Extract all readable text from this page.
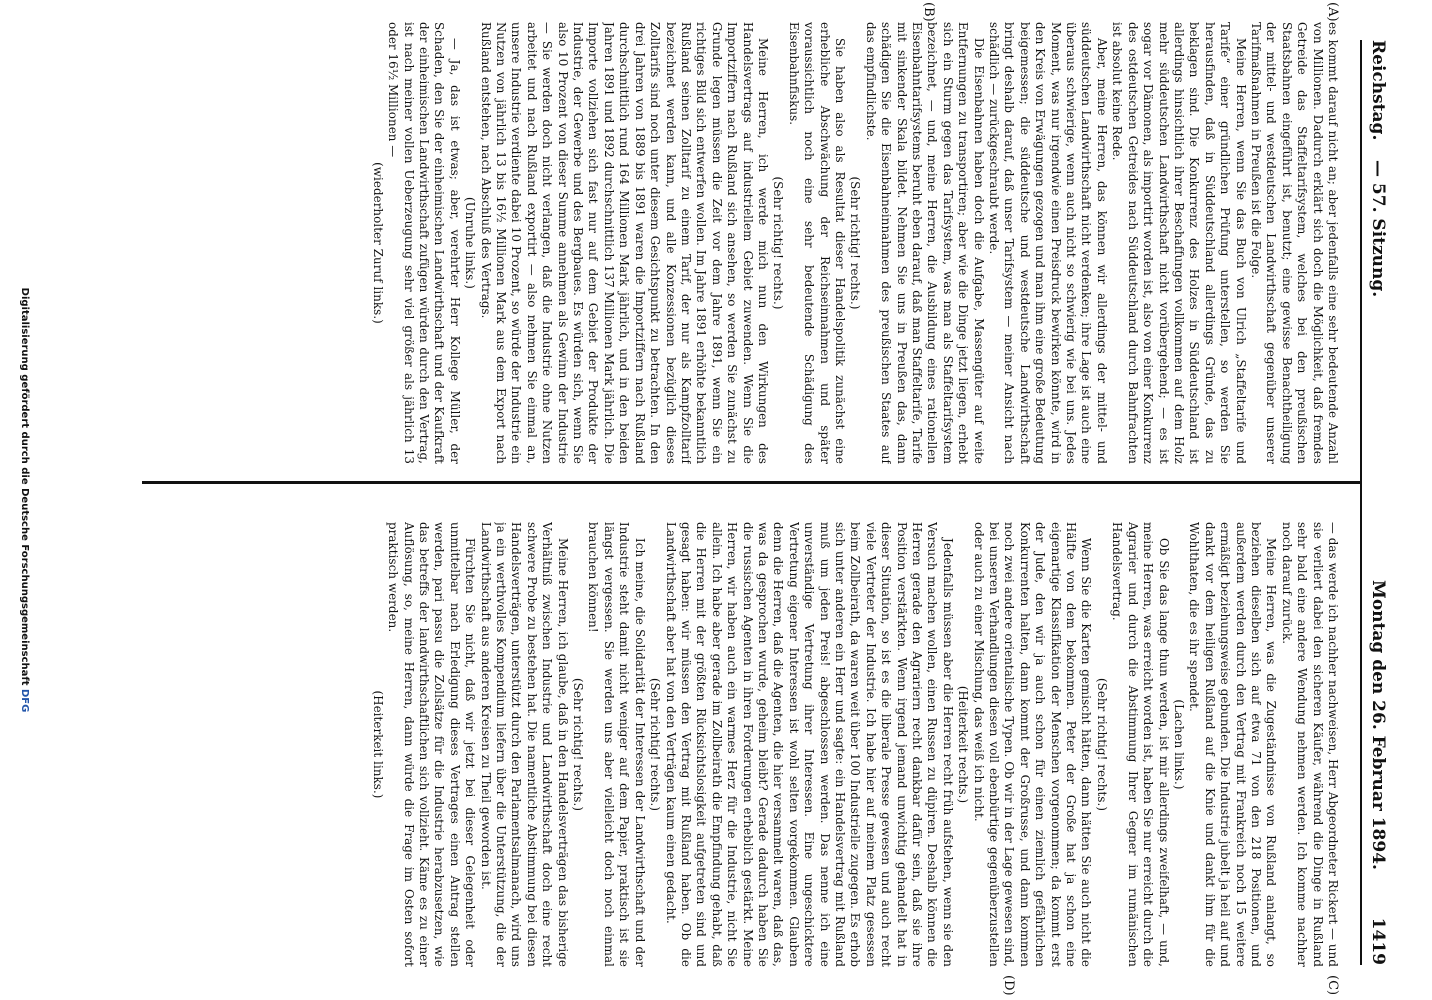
Reichstag.
— 57. Sitzung.
Montag den 26. Februar 1894.
1419
(A)
(B)
(C)
(D)

es kommt darauf nicht an; aber jedenfalls eine sehr bedeutende Anzahl von Millionen. Dadurch erklärt sich doch die Möglichkeit, daß fremdes Getreide das Staffeltarifsystem, welches bei den preußischen Staatsbahnen eingeführt ist, benutzt; eine gewisse Benachtheiligung der mittel- und westdeutschen Landwirthschaft gegenüber unserer Tarifmaßnahmen in Preußen ist die Folge.

Meine Herren, wenn Sie das Buch von Ulrich „Staffeltarife und Tarife“ einer gründlichen Prüfung unterstellen, so werden Sie herausfinden, daß in Süddeutschland allerdings Gründe, das zu beklagen sind. Die Konkurrenz des Holzes in Süddeutschland ist allerdings hinsichtlich ihrer Beschaffungen vollkommen auf dem Holz mehr süddeutschen Landwirthschaft nicht vorübergehend; — es ist sogar vor Dämonen, als importirt worden ist, also von einer Konkurrenz des ostdeutschen Getreides nach Süddeutschland durch Bahnfrachten ist absolut keine Rede.

Aber, meine Herren, das können wir allerdings der mittel- und süddeutschen Landwirthschaft nicht verdenken; ihre Lage ist auch eine überaus schwierige, wenn auch nicht so schwierig wie bei uns. Jedes Moment, was nur irgendwie einen Preisdruck bewirken könnte, wird in den Kreis von Erwägungen gezogen und man ihm eine große Bedeutung beigemessen; die süddeutsche und westdeutsche Landwirthschaft bringt deshalb darauf, daß unser Tarifsystem — meiner Ansicht nach schädlich — zurückgeschraubt werde.

Die Eisenbahnen haben doch die Aufgabe, Massengüter auf weite Entfernungen zu transportiren; aber wie die Dinge jetzt liegen, erhebt sich ein Sturm gegen das Tarifsystem, was man als Staffeltarifsystem bezeichnet, — und, meine Herren, die Ausbildung eines rationellen Eisenbahntarifsystems beruht eben darauf, daß man Staffeltarife, Tarife mit sinkender Skala bildet. Nehmen Sie uns in Preußen das, dann schädigen Sie die Eisenbahneinnahmen des preußischen Staates auf das empfindlichste.

(Sehr richtig! rechts.)

Sie haben also als Resultat dieser Handelspolitik zunächst eine erhebliche Abschwächung der Reichseinnahmen und später voraussichtlich noch eine sehr bedeutende Schädigung des Eisenbahnfiskus.

(Sehr richtig! rechts.)

Meine Herren, ich werde mich nun den Wirkungen des Handelsvertrags auf industriellem Gebiet zuwenden. Wenn Sie die Importziffern nach Rußland sich ansehen, so werden Sie zunächst zu Grunde legen müssen die Zeit vor dem Jahre 1891, wenn Sie ein richtiges Bild sich entwerfen wollen. Im Jahre 1891 erhöhte bekanntlich Rußland seinen Zolltarif zu einem Tarif, der nur als Kampfzolltarif bezeichnet werden kann, und alle Konzessionen bezüglich dieses Zolltarifs sind noch unter diesem Gesichtspunkt zu betrachten. In den drei Jahren von 1889 bis 1891 waren die Importziffern nach Rußland durchschnittlich rund 164 Millionen Mark jährlich, und in den beiden Jahren 1891 und 1892 durchschnittlich 137 Millionen Mark jährlich. Die Importe vollziehen sich fast nur auf dem Gebiet der Produkte der Industrie, der Gewerbe und des Bergbaues. Es würden sich, wenn Sie also 10 Prozent von dieser Summe annehmen als Gewinn der Industrie — Sie werden doch nicht verlangen, daß die Industrie ohne Nutzen arbeitet und nach Rußland exportirt — also nehmen Sie einmal an, unsere Industrie verdiente dabei 10 Prozent, so würde der Industrie ein Nutzen von jährlich 13 bis 16½ Millionen Mark aus dem Export nach Rußland entstehen, nach Abschluß des Vertrags.

(Unruhe links.)

— Ja, das ist etwas; aber, verehrter Herr Kollege Müller, der Schaden, den Sie der einheimischen Landwirthschaft und der Kaufkraft der einheimischen Landwirthschaft zufügen würden durch den Vertrag, ist nach meiner vollen Ueberzeugung sehr viel größer als jährlich 13 oder 16½ Millionen —

(wiederholter Zuruf links.)

— das werde ich nachher nachweisen, Herr Abgeordneter Rickert — und sie verliert dabei den sicheren Käufer, während die Dinge in Rußland sehr bald eine andere Wendung nehmen werden. Ich komme nachher noch darauf zurück.

Meine Herren, was die Zugeständnisse von Rußland anlangt, so beziehen dieselben sich auf etwa 71 von den 218 Positionen, und außerdem werden durch den Vertrag mit Frankreich noch 15 weitere ermäßigt beziehungsweise gebunden. Die Industrie jubelt ja heil auf und dankt vor dem heiligen Rußland auf die Knie und dankt ihm für die Wohlthaten, die es ihr spendet.

(Lachen links.)

Ob Sie das lange thun werden, ist mir allerdings zweifelhaft, — und, meine Herren, was erreicht worden ist, haben Sie nur erreicht durch die Agrarier und durch die Abstimmung Ihrer Gegner im rumänischen Handelsvertrag.

(Sehr richtig! rechts.)

Wenn Sie die Karten gemischt hätten, dann hätten Sie auch nicht die Hälfte von dem bekommen. Peter der Große hat ja schon eine eigenartige Klassifikation der Menschen vorgenommen; da kommt erst der Jude, den wir ja auch schon für einen ziemlich gefährlichen Konkurrenten halten, dann kommt der Großrusse, und dann kommen noch zwei andere orientalische Typen. Ob wir in der Lage gewesen sind, bei unseren Verhandlungen diesen voll ebenbürtige gegenüberzustellen oder auch zu einer Mischung, das weiß ich nicht.

(Heiterkeit rechts.)

Jedenfalls müssen aber die Herren recht früh aufstehen, wenn sie den Versuch machen wollen, einen Russen zu düpiren. Deshalb können die Herren gerade den Agrariern recht dankbar dafür sein, daß sie ihre Position verstärkten. Wenn irgend jemand unwichtig gehandelt hat in dieser Situation, so ist es die liberale Presse gewesen und auch recht viele Vertreter der Industrie. Ich habe hier auf meinem Platz gesessen beim Zollbeirath, da waren weit über 100 Industrielle zugegen. Es erhob sich unter anderen ein Herr und sagte: ein Handelsvertrag mit Rußland muß um jeden Preis! abgeschlossen werden. Das nenne ich eine unverständige Vertretung ihrer Interessen. Eine ungeschicktere Vertretung eigener Interessen ist wohl selten vorgekommen. Glauben denn die Herren, daß die Agenten, die hier versammelt waren, daß das, was da gesprochen wurde, geheim bleibt? Gerade dadurch haben Sie die russischen Agenten in ihren Forderungen erheblich gestärkt. Meine Herren, wir haben auch ein warmes Herz für die Industrie, nicht Sie allein. Ich habe aber gerade im Zollbeirath die Empfindung gehabt, daß die Herren mit der größten Rücksichtslosigkeit aufgetreten sind und gesagt haben: wir müssen den Vertrag mit Rußland haben. Ob die Landwirthschaft aber hat von den Verträgen kaum einen gedacht.

(Sehr richtig! rechts.)

Ich meine, die Solidarität der Interessen der Landwirthschaft und der Industrie steht damit nicht weniger auf dem Papier, praktisch ist sie längst vergessen. Sie werden uns aber vielleicht doch noch einmal brauchen können!

(Sehr richtig! rechts.)

Meine Herren, ich glaube, daß in den Handelsverträgen das bisherige Verhältniß zwischen Industrie und Landwirthschaft doch eine recht schwere Probe zu bestehen hat. Die namentliche Abstimmung bei diesen Handelsverträgen, unterstützt durch den Parlamentsalmanach, wird uns ja ein werthvolles Kompendium liefern über die Unterstützung, die der Landwirthschaft aus anderen Kreisen zu Theil geworden ist.

Fürchten Sie nicht, daß wir jetzt bei dieser Gelegenheit oder unmittelbar nach Erledigung dieses Vertrages einen Antrag stellen werden, pari passu die Zollsätze für die Industrie herabzusetzen, wie das betreffs der landwirthschaftlichen sich vollzieht. Käme es zu einer Auflösung, so, meine Herren, dann würde die Frage im Osten sofort praktisch werden.

(Heiterkeit links.)

Digitalisierung gefördert durch die Deutsche Forschungsgemeinschaft DFG
